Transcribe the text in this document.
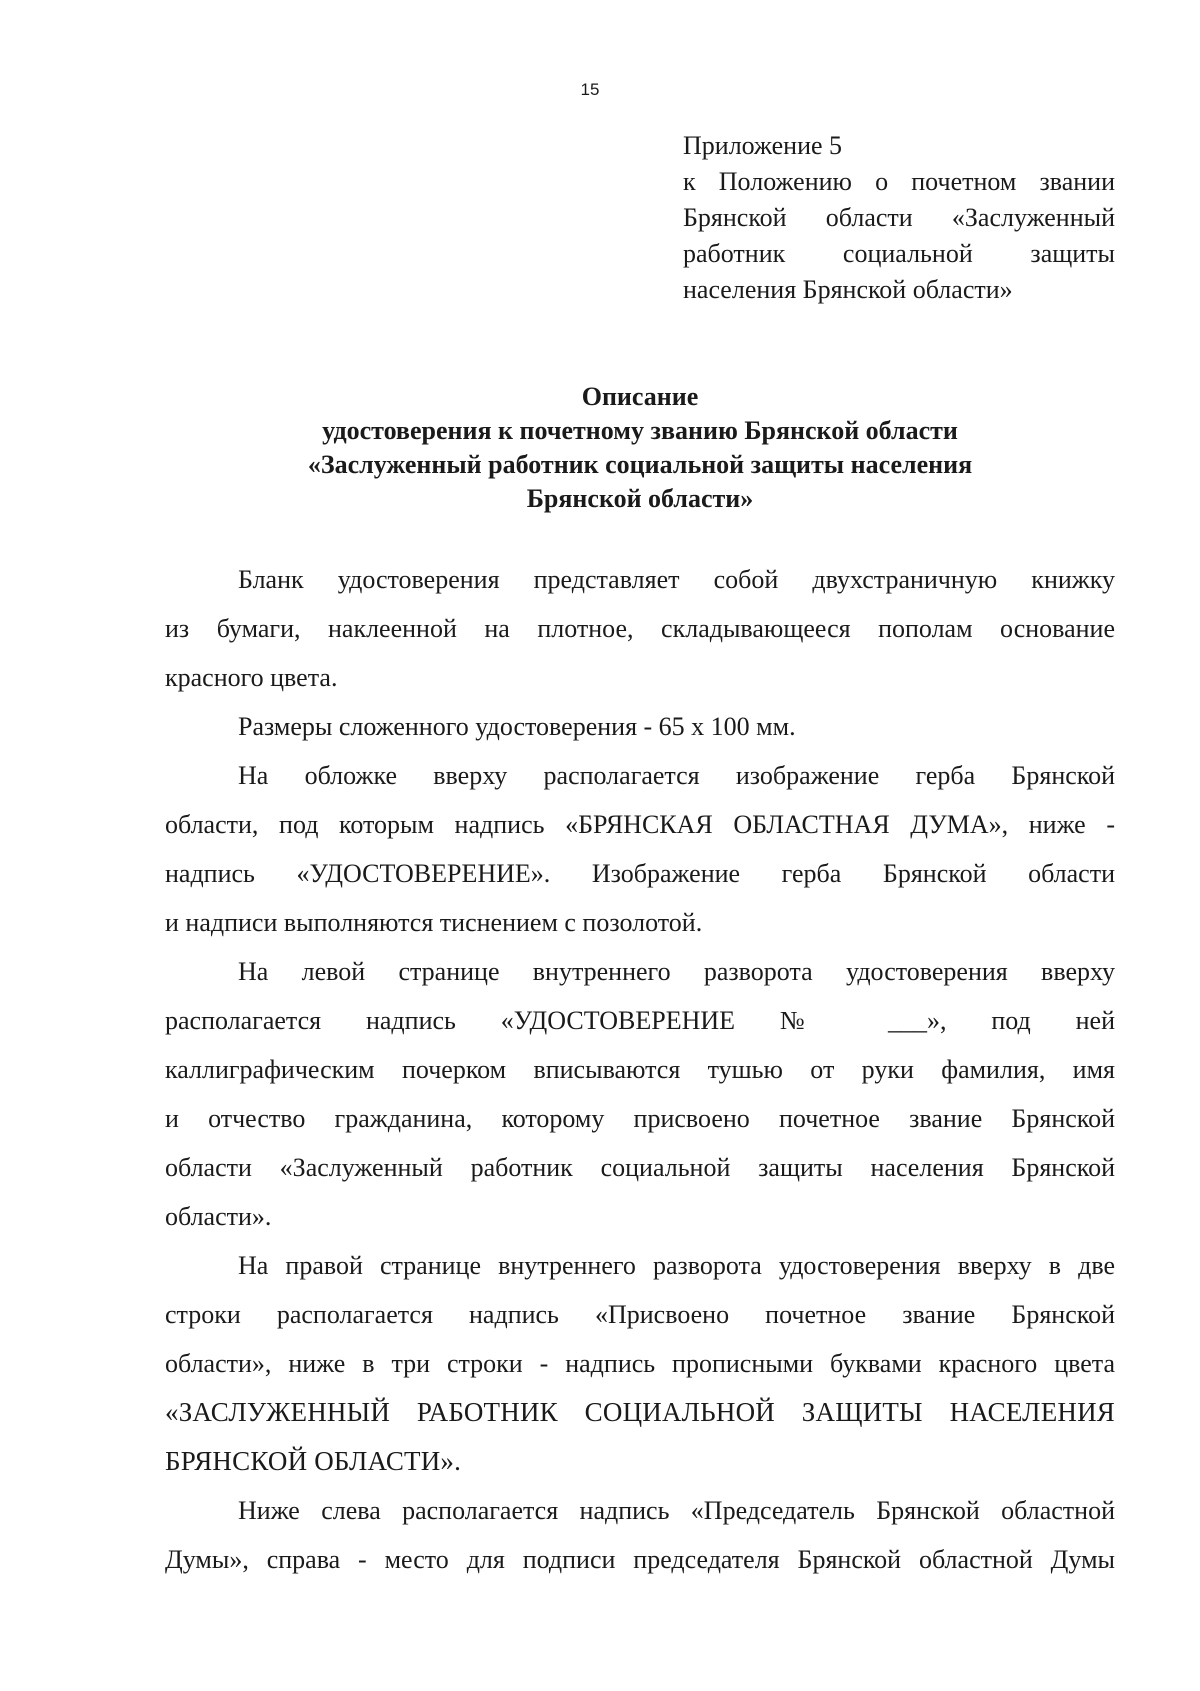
15
Приложение 5
к Положению о почетном звании
Брянской области «Заслуженный
работник социальной защиты
населения Брянской области»
Описание
удостоверения к почетному званию Брянской области
«Заслуженный работник социальной защиты населения
Брянской области»
Бланк удостоверения представляет собой двухстраничную книжку
из бумаги, наклеенной на плотное, складывающееся пополам основание
красного цвета.
Размеры сложенного удостоверения - 65 х 100 мм.
На обложке вверху располагается изображение герба Брянской
области, под которым надпись «БРЯНСКАЯ ОБЛАСТНАЯ ДУМА», ниже -
надпись «УДОСТОВЕРЕНИЕ». Изображение герба Брянской области
и надписи выполняются тиснением с позолотой.
На левой странице внутреннего разворота удостоверения вверху
располагается надпись «УДОСТОВЕРЕНИЕ № ___», под ней
каллиграфическим почерком вписываются тушью от руки фамилия, имя
и отчество гражданина, которому присвоено почетное звание Брянской
области «Заслуженный работник социальной защиты населения Брянской
области».
На правой странице внутреннего разворота удостоверения вверху в две
строки располагается надпись «Присвоено почетное звание Брянской
области», ниже в три строки - надпись прописными буквами красного цвета
«ЗАСЛУЖЕННЫЙ РАБОТНИК СОЦИАЛЬНОЙ ЗАЩИТЫ НАСЕЛЕНИЯ
БРЯНСКОЙ ОБЛАСТИ».
Ниже слева располагается надпись «Председатель Брянской областной
Думы», справа - место для подписи председателя Брянской областной Думы
